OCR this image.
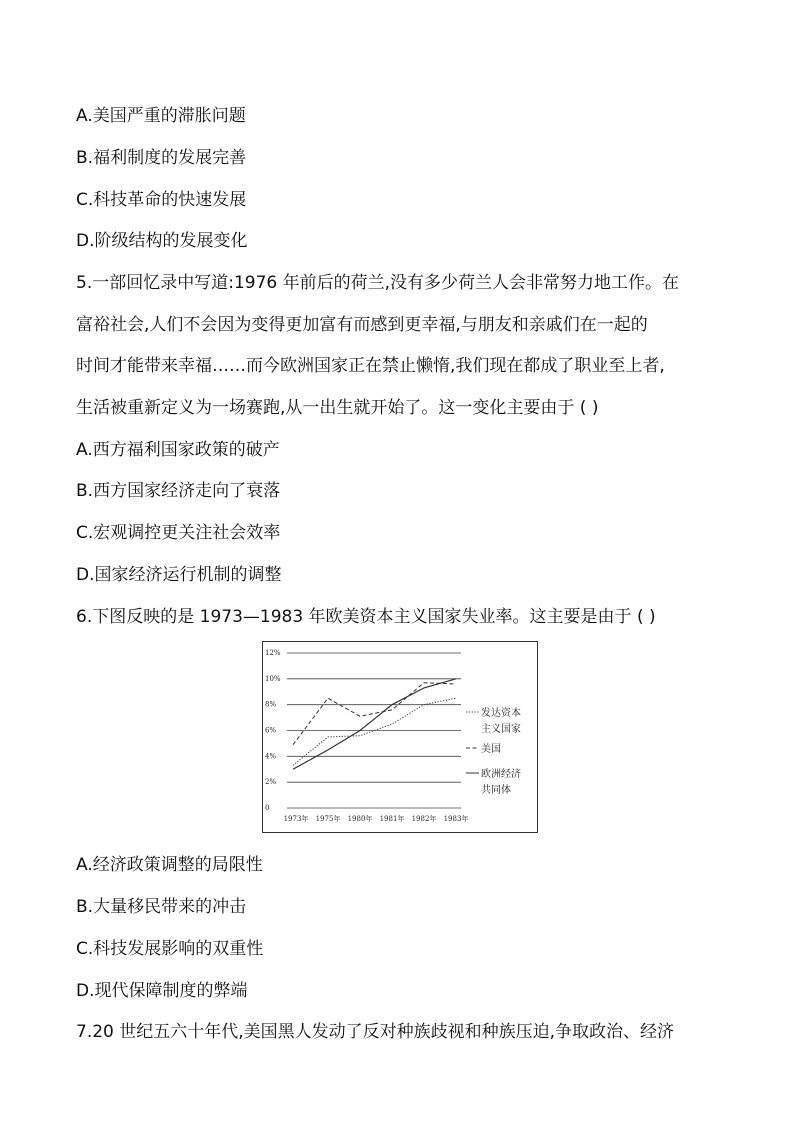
A.美国严重的滞胀问题
B.福利制度的发展完善
C.科技革命的快速发展
D.阶级结构的发展变化
5.一部回忆录中写道:1976 年前后的荷兰,没有多少荷兰人会非常努力地工作。在
富裕社会,人们不会因为变得更加富有而感到更幸福,与朋友和亲戚们在一起的
时间才能带来幸福……而今欧洲国家正在禁止懒惰,我们现在都成了职业至上者,
生活被重新定义为一场赛跑,从一出生就开始了。这一变化主要由于 ( )
A.西方福利国家政策的破产
B.西方国家经济走向了衰落
C.宏观调控更关注社会效率
D.国家经济运行机制的调整
6.下图反映的是 1973—1983 年欧美资本主义国家失业率。这主要是由于 ( )
0
2%
4%
6%
8%
10%
12%
1973年 1975年 1980年 1981年 1982年 1983年
发达资本
主义国家
美国
欧洲经济
共同体
A.经济政策调整的局限性
B.大量移民带来的冲击
C.科技发展影响的双重性
D.现代保障制度的弊端
7.20 世纪五六十年代,美国黑人发动了反对种族歧视和种族压迫,争取政治、经济
